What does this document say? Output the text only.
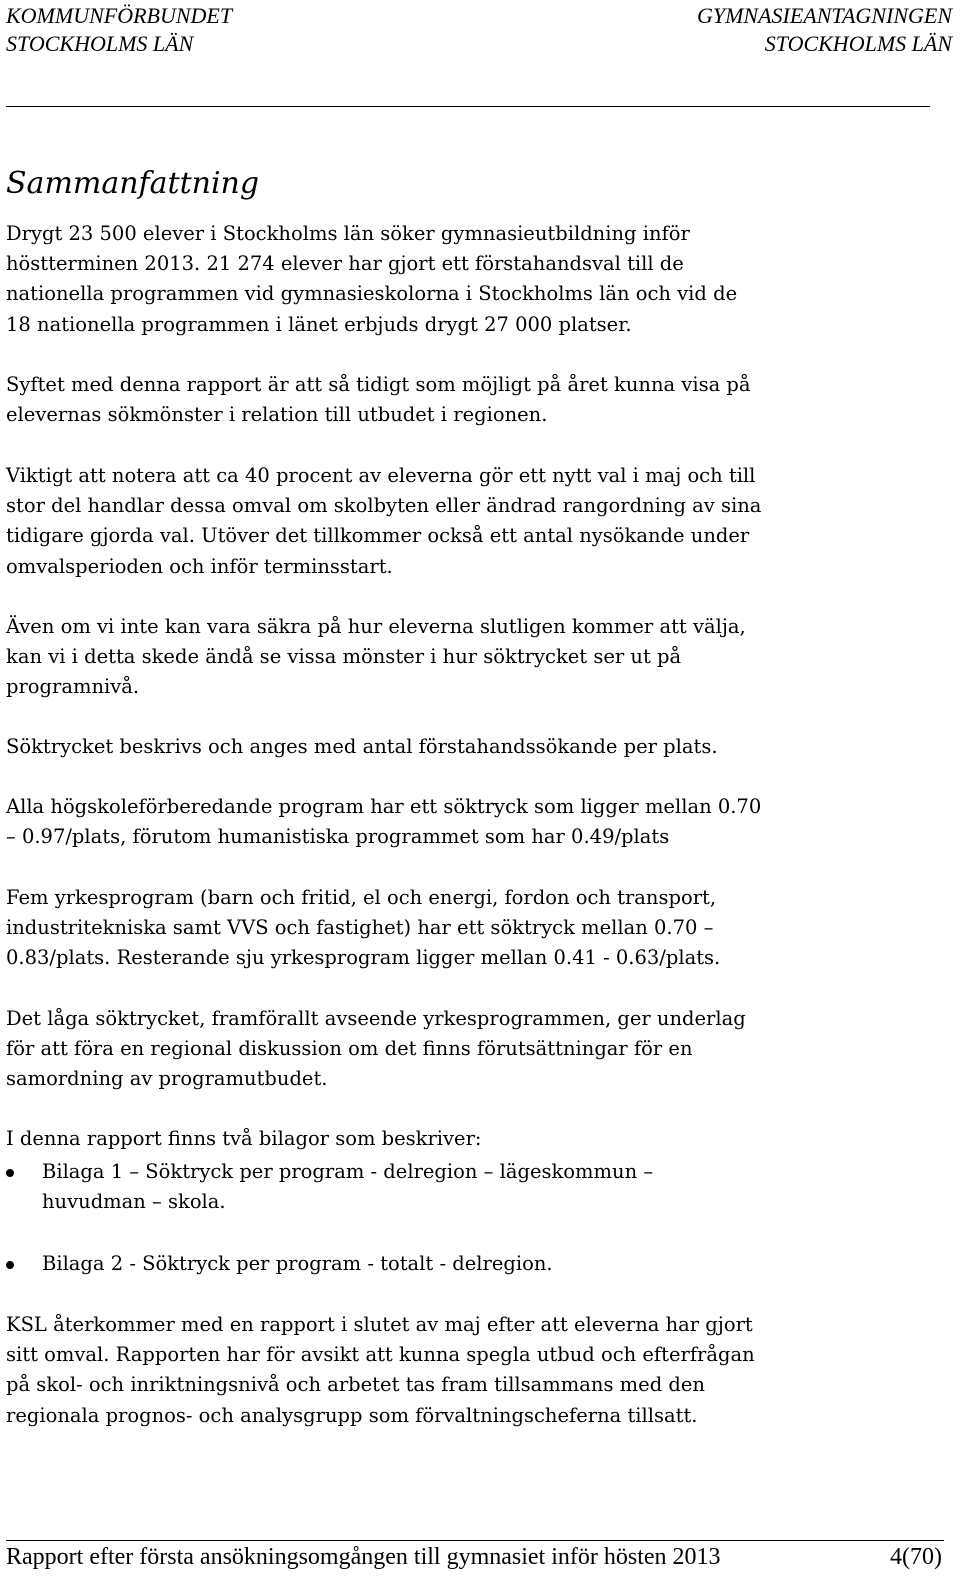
KOMMUNFÖRBUNDET
STOCKHOLMS LÄN
GYMNASIEANTAGNINGEN
STOCKHOLMS LÄN
Sammanfattning
Drygt 23 500 elever i Stockholms län söker gymnasieutbildning inför
höstterminen 2013. 21 274 elever har gjort ett förstahandsval till de
nationella programmen vid gymnasieskolorna i Stockholms län och vid de
18 nationella programmen i länet erbjuds drygt 27 000 platser.
Syftet med denna rapport är att så tidigt som möjligt på året kunna visa på
elevernas sökmönster i relation till utbudet i regionen.
Viktigt att notera att ca 40 procent av eleverna gör ett nytt val i maj och till
stor del handlar dessa omval om skolbyten eller ändrad rangordning av sina
tidigare gjorda val. Utöver det tillkommer också ett antal nysökande under
omvalsperioden och inför terminsstart.
Även om vi inte kan vara säkra på hur eleverna slutligen kommer att välja,
kan vi i detta skede ändå se vissa mönster i hur söktrycket ser ut på
programnivå.
Söktrycket beskrivs och anges med antal förstahandssökande per plats.
Alla högskoleförberedande program har ett söktryck som ligger mellan 0.70
– 0.97/plats, förutom humanistiska programmet som har 0.49/plats
Fem yrkesprogram (barn och fritid, el och energi, fordon och transport,
industritekniska samt VVS och fastighet) har ett söktryck mellan 0.70 –
0.83/plats. Resterande sju yrkesprogram ligger mellan 0.41 - 0.63/plats.
Det låga söktrycket, framförallt avseende yrkesprogrammen, ger underlag
för att föra en regional diskussion om det finns förutsättningar för en
samordning av programutbudet.
I denna rapport finns två bilagor som beskriver:
Bilaga 1 – Söktryck per program - delregion – lägeskommun –
huvudman – skola.
Bilaga 2 - Söktryck per program - totalt - delregion.
KSL återkommer med en rapport i slutet av maj efter att eleverna har gjort
sitt omval. Rapporten har för avsikt att kunna spegla utbud och efterfrågan
på skol- och inriktningsnivå och arbetet tas fram tillsammans med den
regionala prognos- och analysgrupp som förvaltningscheferna tillsatt.
Rapport efter första ansökningsomgången till gymnasiet inför hösten 2013	4(70)
